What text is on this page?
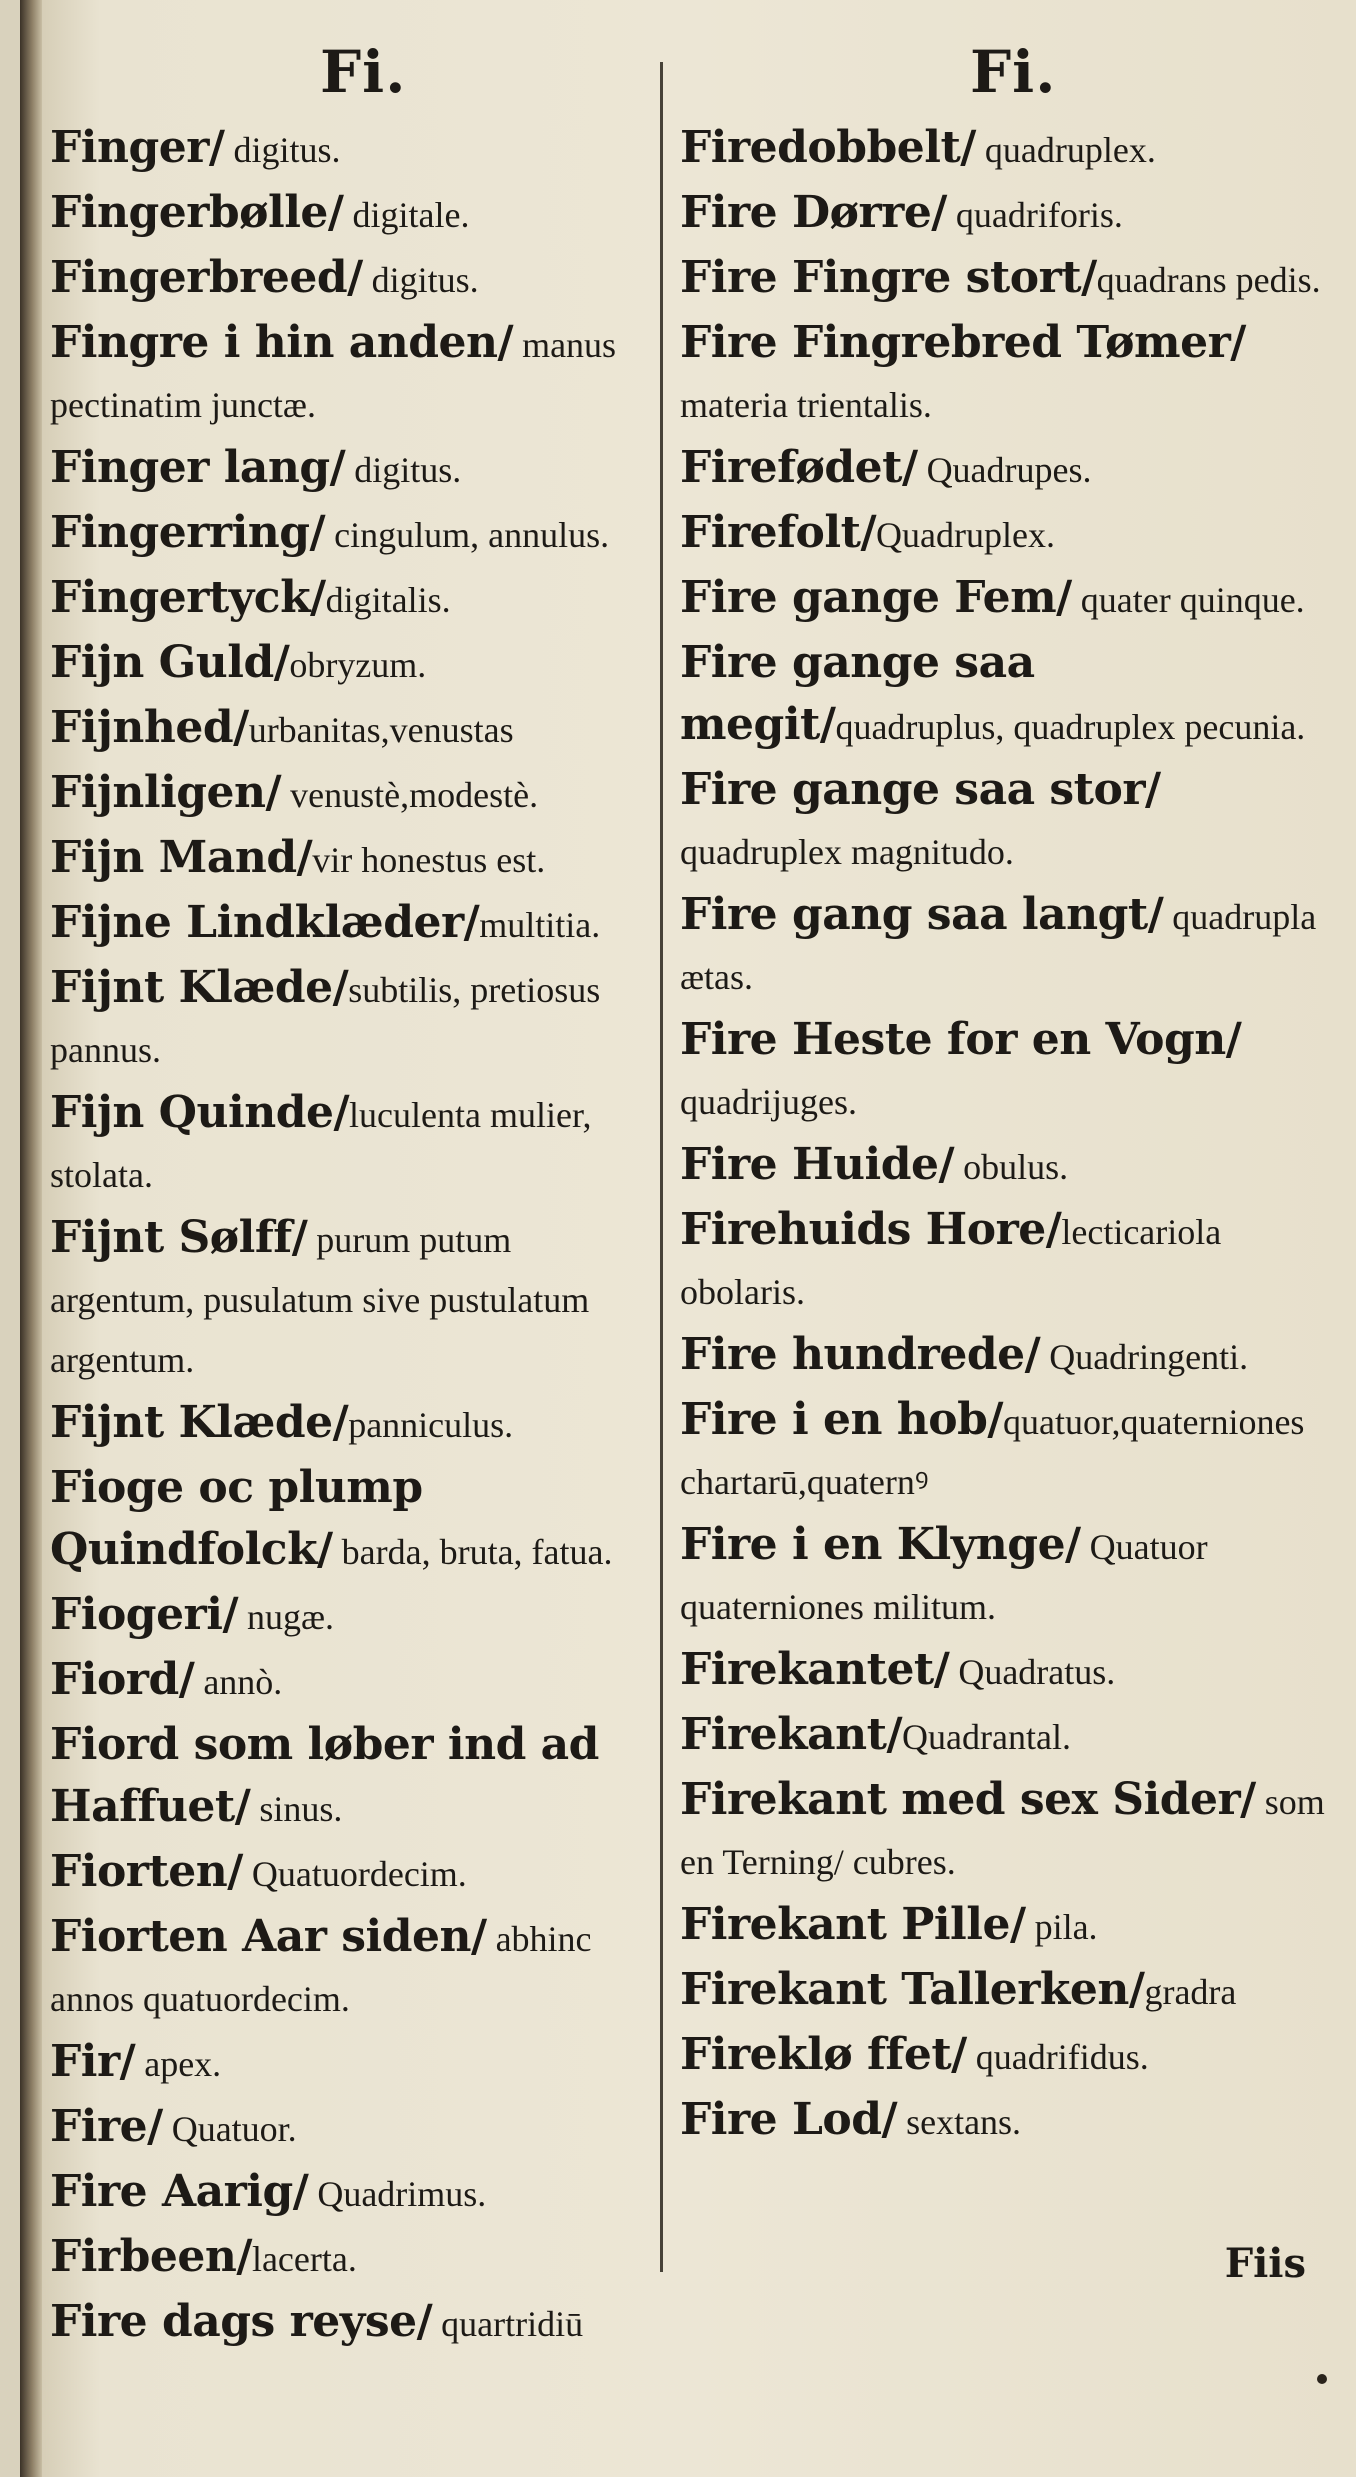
Fi.	Fi.
Finger/ digitus.
Fingerbølle/ digitale.
Fingerbreed/ digitus.
Fingre i hin anden/ manus pectinatim junctæ.
Finger lang/ digitus.
Fingerring/ cingulum, annulus.
Fingertyck/digitalis.
Fijn Guld/obryzum.
Fijnhed/urbanitas,venustas
Fijnligen/ venustè,modestè.
Fijn Mand/vir honestus est.
Fijne Lindklæder/multitia.
Fijnt Klæde/subtilis, pretiosus pannus.
Fijn Quinde/luculenta mulier, stolata.
Fijnt Sølff/ purum putum argentum, pusulatum sive pustulatum argentum.
Fijnt Klæde/panniculus.
Fioge oc plump Quindfolck/ barda, bruta, fatua.
Fiogeri/ nugæ.
Fiord/ annò.
Fiord som løber ind ad Haffuet/ sinus.
Fiorten/ Quatuordecim.
Fiorten Aar siden/ abhinc annos quatuordecim.
Fir/ apex.
Fire/ Quatuor.
Fire Aarig/ Quadrimus.
Firbeen/lacerta.
Fire dags reyse/ quartridiū
Firedobbelt/ quadruplex.
Fire Dørre/ quadriforis.
Fire Fingre stort/quadrans pedis.
Fire Fingrebred Tømer/ materia trientalis.
Firefødet/ Quadrupes.
Firefolt/Quadruplex.
Fire gange Fem/ quater quinque.
Fire gange saa megit/quadruplus, quadruplex pecunia.
Fire gange saa stor/ quadruplex magnitudo.
Fire gang saa langt/ quadrupla ætas.
Fire Heste for en Vogn/ quadrijuges.
Fire Huide/ obulus.
Firehuids Hore/lecticariola obolaris.
Fire hundrede/ Quadringenti.
Fire i en hob/quatuor,quaterniones chartarū,quaternꝰ
Fire i en Klynge/ Quatuor quaterniones militum.
Firekantet/ Quadratus.
Firekant/Quadrantal.
Firekant med sex Sider/ som en Terning/ cubres.
Firekant Pille/ pila.
Firekant Tallerken/gradra
Fireklø ffet/ quadrifidus.
Fire Lod/ sextans.
Fiis
